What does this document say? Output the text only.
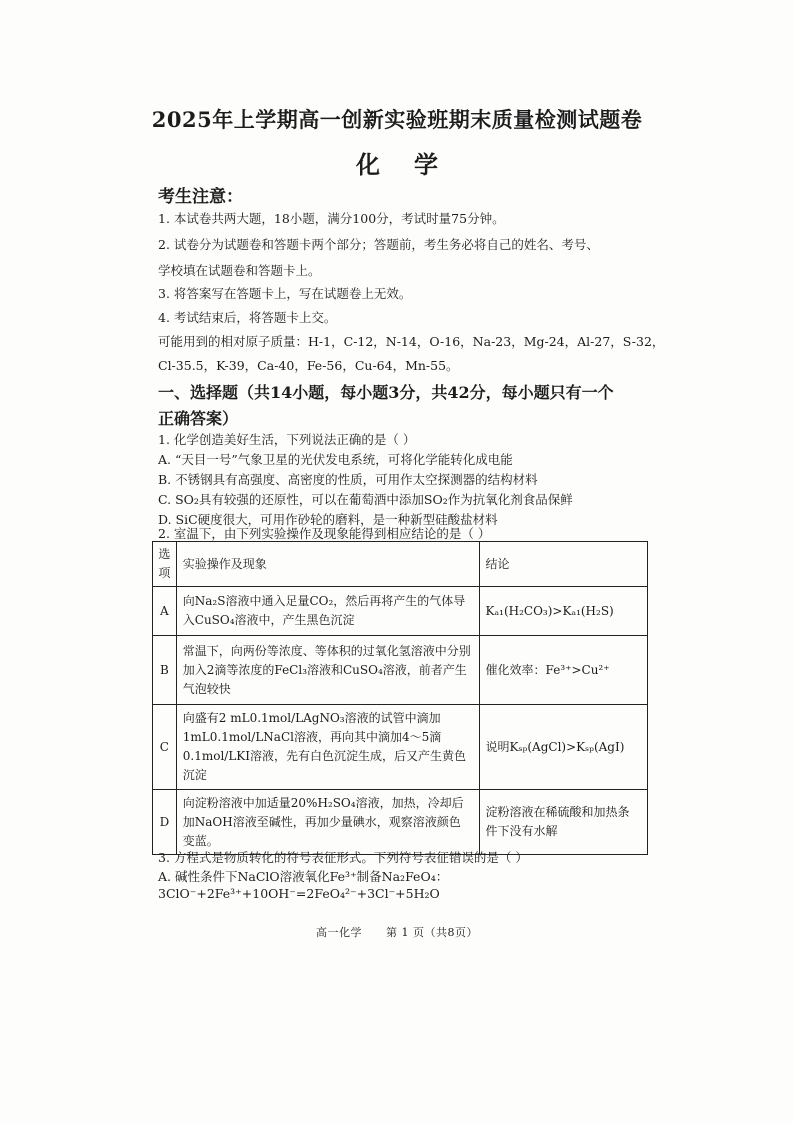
2025年上学期高一创新实验班期末质量检测试题卷
化学
考生注意：
1. 本试卷共两大题，18小题，满分100分，考试时量75分钟。
2. 试卷分为试题卷和答题卡两个部分；答题前，考生务必将自己的姓名、考号、
学校填在试题卷和答题卡上。
3. 将答案写在答题卡上，写在试题卷上无效。
4. 考试结束后，将答题卡上交。
可能用到的相对原子质量：H-1，C-12，N-14，O-16，Na-23，Mg-24，Al-27，S-32，
Cl-35.5，K-39，Ca-40，Fe-56，Cu-64，Mn-55。
一、选择题（共14小题，每小题3分，共42分，每小题只有一个
正确答案）
1. 化学创造美好生活，下列说法正确的是（ ）
A. “天目一号”气象卫星的光伏发电系统，可将化学能转化成电能
B. 不锈钢具有高强度、高密度的性质，可用作太空探测器的结构材料
C. SO₂具有较强的还原性，可以在葡萄酒中添加SO₂作为抗氧化剂食品保鲜
D. SiC硬度很大，可用作砂轮的磨料，是一种新型硅酸盐材料
2. 室温下，由下列实验操作及现象能得到相应结论的是（ ）
选项	实验操作及现象	结论
A	向Na₂S溶液中通入足量CO₂，然后再将产生的气体导入CuSO₄溶液中，产生黑色沉淀	Kₐ₁(H₂CO₃)>Kₐ₁(H₂S)
B	常温下，向两份等浓度、等体积的过氧化氢溶液中分别加入2滴等浓度的FeCl₃溶液和CuSO₄溶液，前者产生气泡较快	催化效率：Fe³⁺>Cu²⁺
C	向盛有2 mL0.1mol/LAgNO₃溶液的试管中滴加1mL0.1mol/LNaCl溶液，再向其中滴加4～5滴0.1mol/LKI溶液，先有白色沉淀生成，后又产生黄色沉淀	说明Kₛₚ(AgCl)>Kₛₚ(AgI)
D	向淀粉溶液中加适量20%H₂SO₄溶液，加热，冷却后加NaOH溶液至碱性，再加少量碘水，观察溶液颜色变蓝。	淀粉溶液在稀硫酸和加热条件下没有水解
3. 方程式是物质转化的符号表征形式。下列符号表征错误的是（ ）
A. 碱性条件下NaClO溶液氧化Fe³⁺制备Na₂FeO₄：
3ClO⁻+2Fe³⁺+10OH⁻=2FeO₄²⁻+3Cl⁻+5H₂O
高一化学 第 1 页（共8页）
